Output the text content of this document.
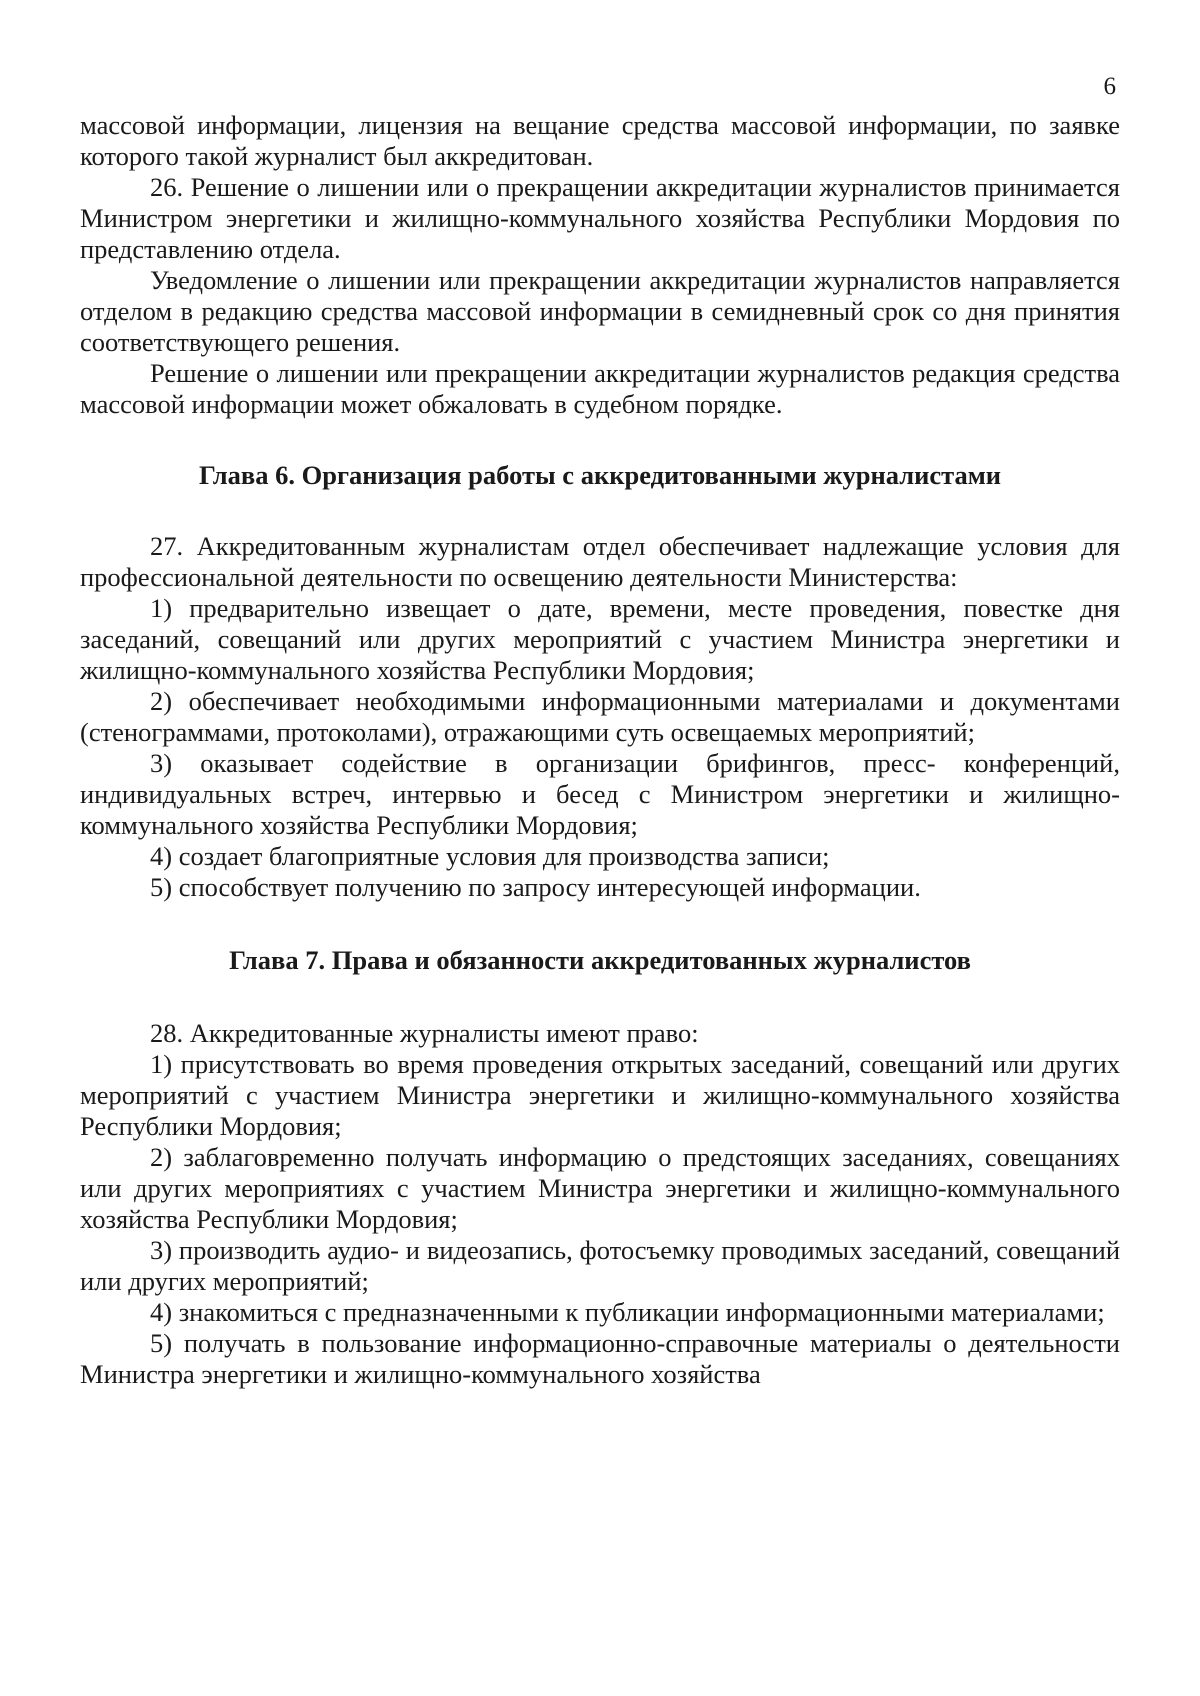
6

массовой информации, лицензия на вещание средства массовой информации, по заявке которого такой журналист был аккредитован.

26. Решение о лишении или о прекращении аккредитации журналистов принимается Министром энергетики и жилищно-коммунального хозяйства Республики Мордовия по представлению отдела.

Уведомление о лишении или прекращении аккредитации журналистов направляется отделом в редакцию средства массовой информации в семидневный срок со дня принятия соответствующего решения.

Решение о лишении или прекращении аккредитации журналистов редакция средства массовой информации может обжаловать в судебном порядке.

Глава 6. Организация работы с аккредитованными журналистами

27. Аккредитованным журналистам отдел обеспечивает надлежащие условия для профессиональной деятельности по освещению деятельности Министерства:

1) предварительно извещает о дате, времени, месте проведения, повестке дня заседаний, совещаний или других мероприятий с участием Министра энергетики и жилищно-коммунального хозяйства Республики Мордовия;

2) обеспечивает необходимыми информационными материалами и документами (стенограммами, протоколами), отражающими суть освещаемых мероприятий;

3) оказывает содействие в организации брифингов, пресс- конференций, индивидуальных встреч, интервью и бесед с Министром энергетики и жилищно-коммунального хозяйства Республики Мордовия;

4) создает благоприятные условия для производства записи;

5) способствует получению по запросу интересующей информации.

Глава 7. Права и обязанности аккредитованных журналистов

28. Аккредитованные журналисты имеют право:

1) присутствовать во время проведения открытых заседаний, совещаний или других мероприятий с участием Министра энергетики и жилищно-коммунального хозяйства Республики Мордовия;

2) заблаговременно получать информацию о предстоящих заседаниях, совещаниях или других мероприятиях с участием Министра энергетики и жилищно-коммунального хозяйства Республики Мордовия;

3) производить аудио- и видеозапись, фотосъемку проводимых заседаний, совещаний или других мероприятий;

4) знакомиться с предназначенными к публикации информационными материалами;

5) получать в пользование информационно-справочные материалы о деятельности Министра энергетики и жилищно-коммунального хозяйства
